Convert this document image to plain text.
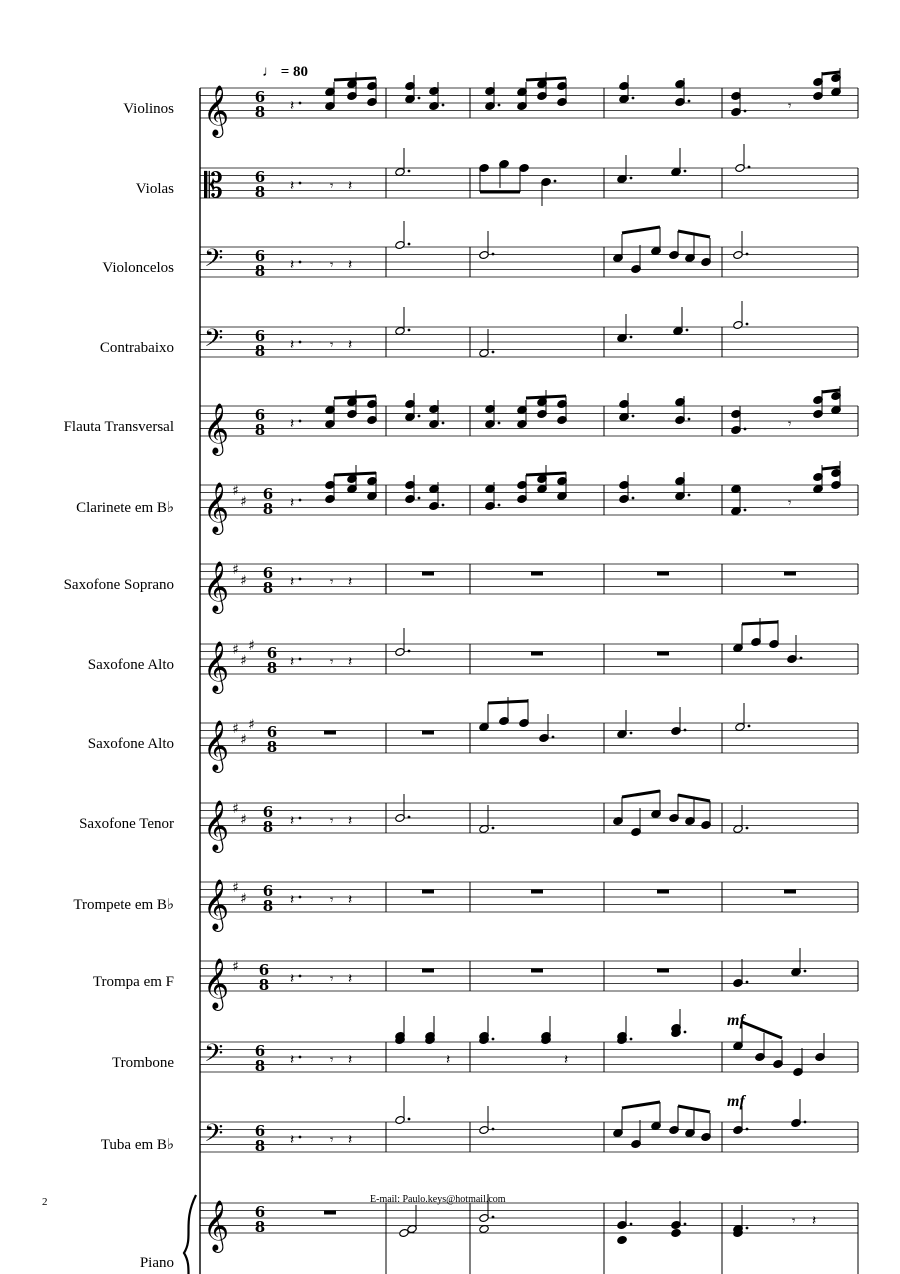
♩ = 80
Violinos
Violas
Violoncelos
Contrabaixo
Flauta Transversal
Clarinete em B♭
Saxofone Soprano
Saxofone Alto
Saxofone Alto
Saxofone Tenor
Trompete em B♭
Trompa em F
Trombone
Tuba em B♭
Piano
mf
mf
2	E-mail: Paulo.keys@hotmail.com
𝄞 6
8
𝄡 6
8
𝄢 6
8
𝄢 6
8
𝄞 6
8
𝄞 ♯
♯ 6
8
𝄞 ♯
♯ 6
8
𝄞 ♯
♯
♯ 6
8
𝄞 ♯
♯
♯ 6
8
𝄞 ♯
♯ 6
8
𝄞 ♯
♯ 6
8
𝄞 ♯ 6
8
𝄢 6
8
𝄢 6
8
𝄞 6
8
𝄽	𝄾
𝄽	𝄾
𝄽	𝄾 𝄽
𝄽	𝄾 𝄽
𝄽	𝄾 𝄽
𝄽	𝄾 𝄽
𝄽	𝄾
𝄽	𝄾 𝄽
𝄽	𝄾 𝄽
𝄽	𝄾 𝄽
𝄽	𝄾 𝄽
𝄽	𝄾 𝄽
𝄽	𝄾 𝄽	𝄽	𝄽
𝄾 𝄽
